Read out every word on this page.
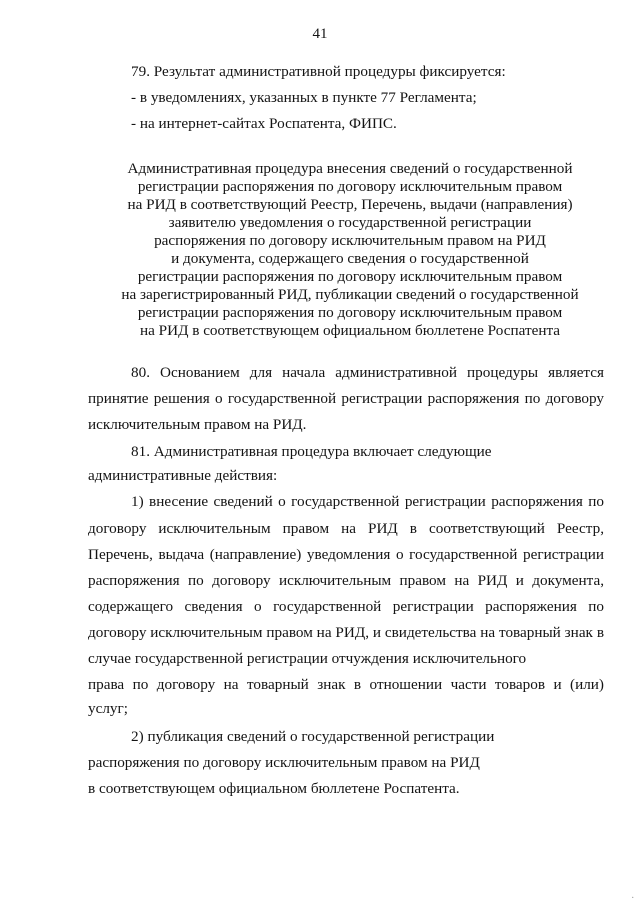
41
79. Результат административной процедуры фиксируется:
- в уведомлениях, указанных в пункте 77 Регламента;
- на интернет-сайтах Роспатента, ФИПС.
Административная процедура внесения сведений о государственной
регистрации распоряжения по договору исключительным правом
на РИД в соответствующий Реестр, Перечень, выдачи (направления)
заявителю уведомления о государственной регистрации
распоряжения по договору исключительным правом на РИД
и документа, содержащего сведения о государственной
регистрации распоряжения по договору исключительным правом
на зарегистрированный РИД, публикации сведений о государственной
регистрации распоряжения по договору исключительным правом
на РИД в соответствующем официальном бюллетене Роспатента
80. Основанием для начала административной процедуры является
принятие решения о государственной регистрации распоряжения по договору
исключительным правом на РИД.
81. Административная процедура включает следующие
административные действия:
1) внесение сведений о государственной регистрации распоряжения по
договору исключительным правом на РИД в соответствующий Реестр,
Перечень, выдача (направление) уведомления о государственной регистрации
распоряжения по договору исключительным правом на РИД и документа,
содержащего сведения о государственной регистрации распоряжения по
договору исключительным правом на РИД, и свидетельства на товарный знак в
случае государственной регистрации отчуждения исключительного
права по договору на товарный знак в отношении части товаров и (или)
услуг;
2) публикация сведений о государственной регистрации
распоряжения по договору исключительным правом на РИД
в соответствующем официальном бюллетене Роспатента.
.
